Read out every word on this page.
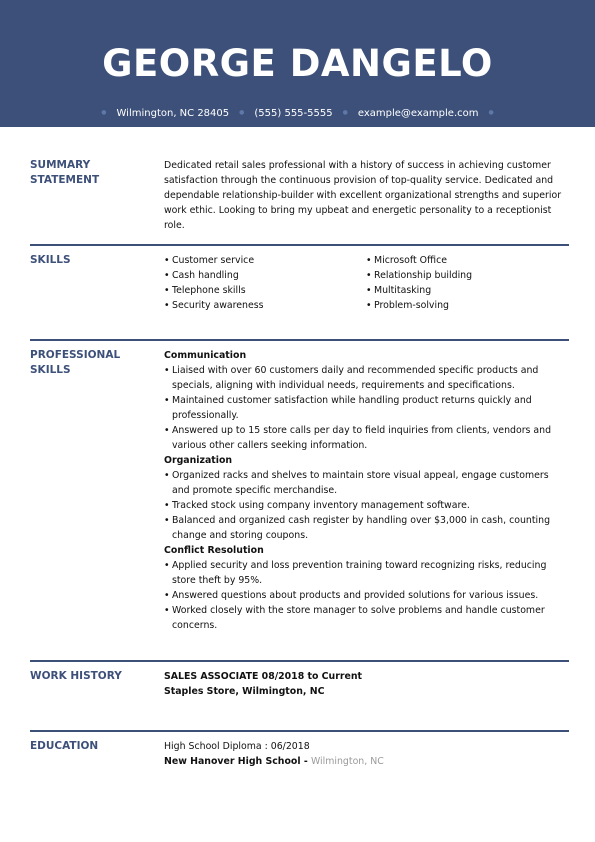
GEORGE DANGELO
● Wilmington, NC 28405 ● (555) 555-5555 ● example@example.com ●
SUMMARY STATEMENT
Dedicated retail sales professional with a history of success in achieving customer satisfaction through the continuous provision of top-quality service. Dedicated and dependable relationship-builder with excellent organizational strengths and superior work ethic. Looking to bring my upbeat and energetic personality to a receptionist role.
SKILLS
•	Customer service
• Cash handling
• Telephone skills
• Security awareness
• Microsoft Office
• Relationship building
• Multitasking
• Problem-solving
PROFESSIONAL SKILLS
Communication
• Liaised with over 60 customers daily and recommended specific products and specials, aligning with individual needs, requirements and specifications.
• Maintained customer satisfaction while handling product returns quickly and professionally.
• Answered up to 15 store calls per day to field inquiries from clients, vendors and various other callers seeking information.
Organization
• Organized racks and shelves to maintain store visual appeal, engage customers and promote specific merchandise.
• Tracked stock using company inventory management software.
• Balanced and organized cash register by handling over $3,000 in cash, counting change and storing coupons.
Conflict Resolution
• Applied security and loss prevention training toward recognizing risks, reducing store theft by 95%.
• Answered questions about products and provided solutions for various issues.
• Worked closely with the store manager to solve problems and handle customer concerns.
WORK HISTORY	SALES ASSOCIATE 08/2018 to Current
Staples Store, Wilmington, NC
EDUCATION	High School Diploma : 06/2018
New Hanover High School - Wilmington, NC
